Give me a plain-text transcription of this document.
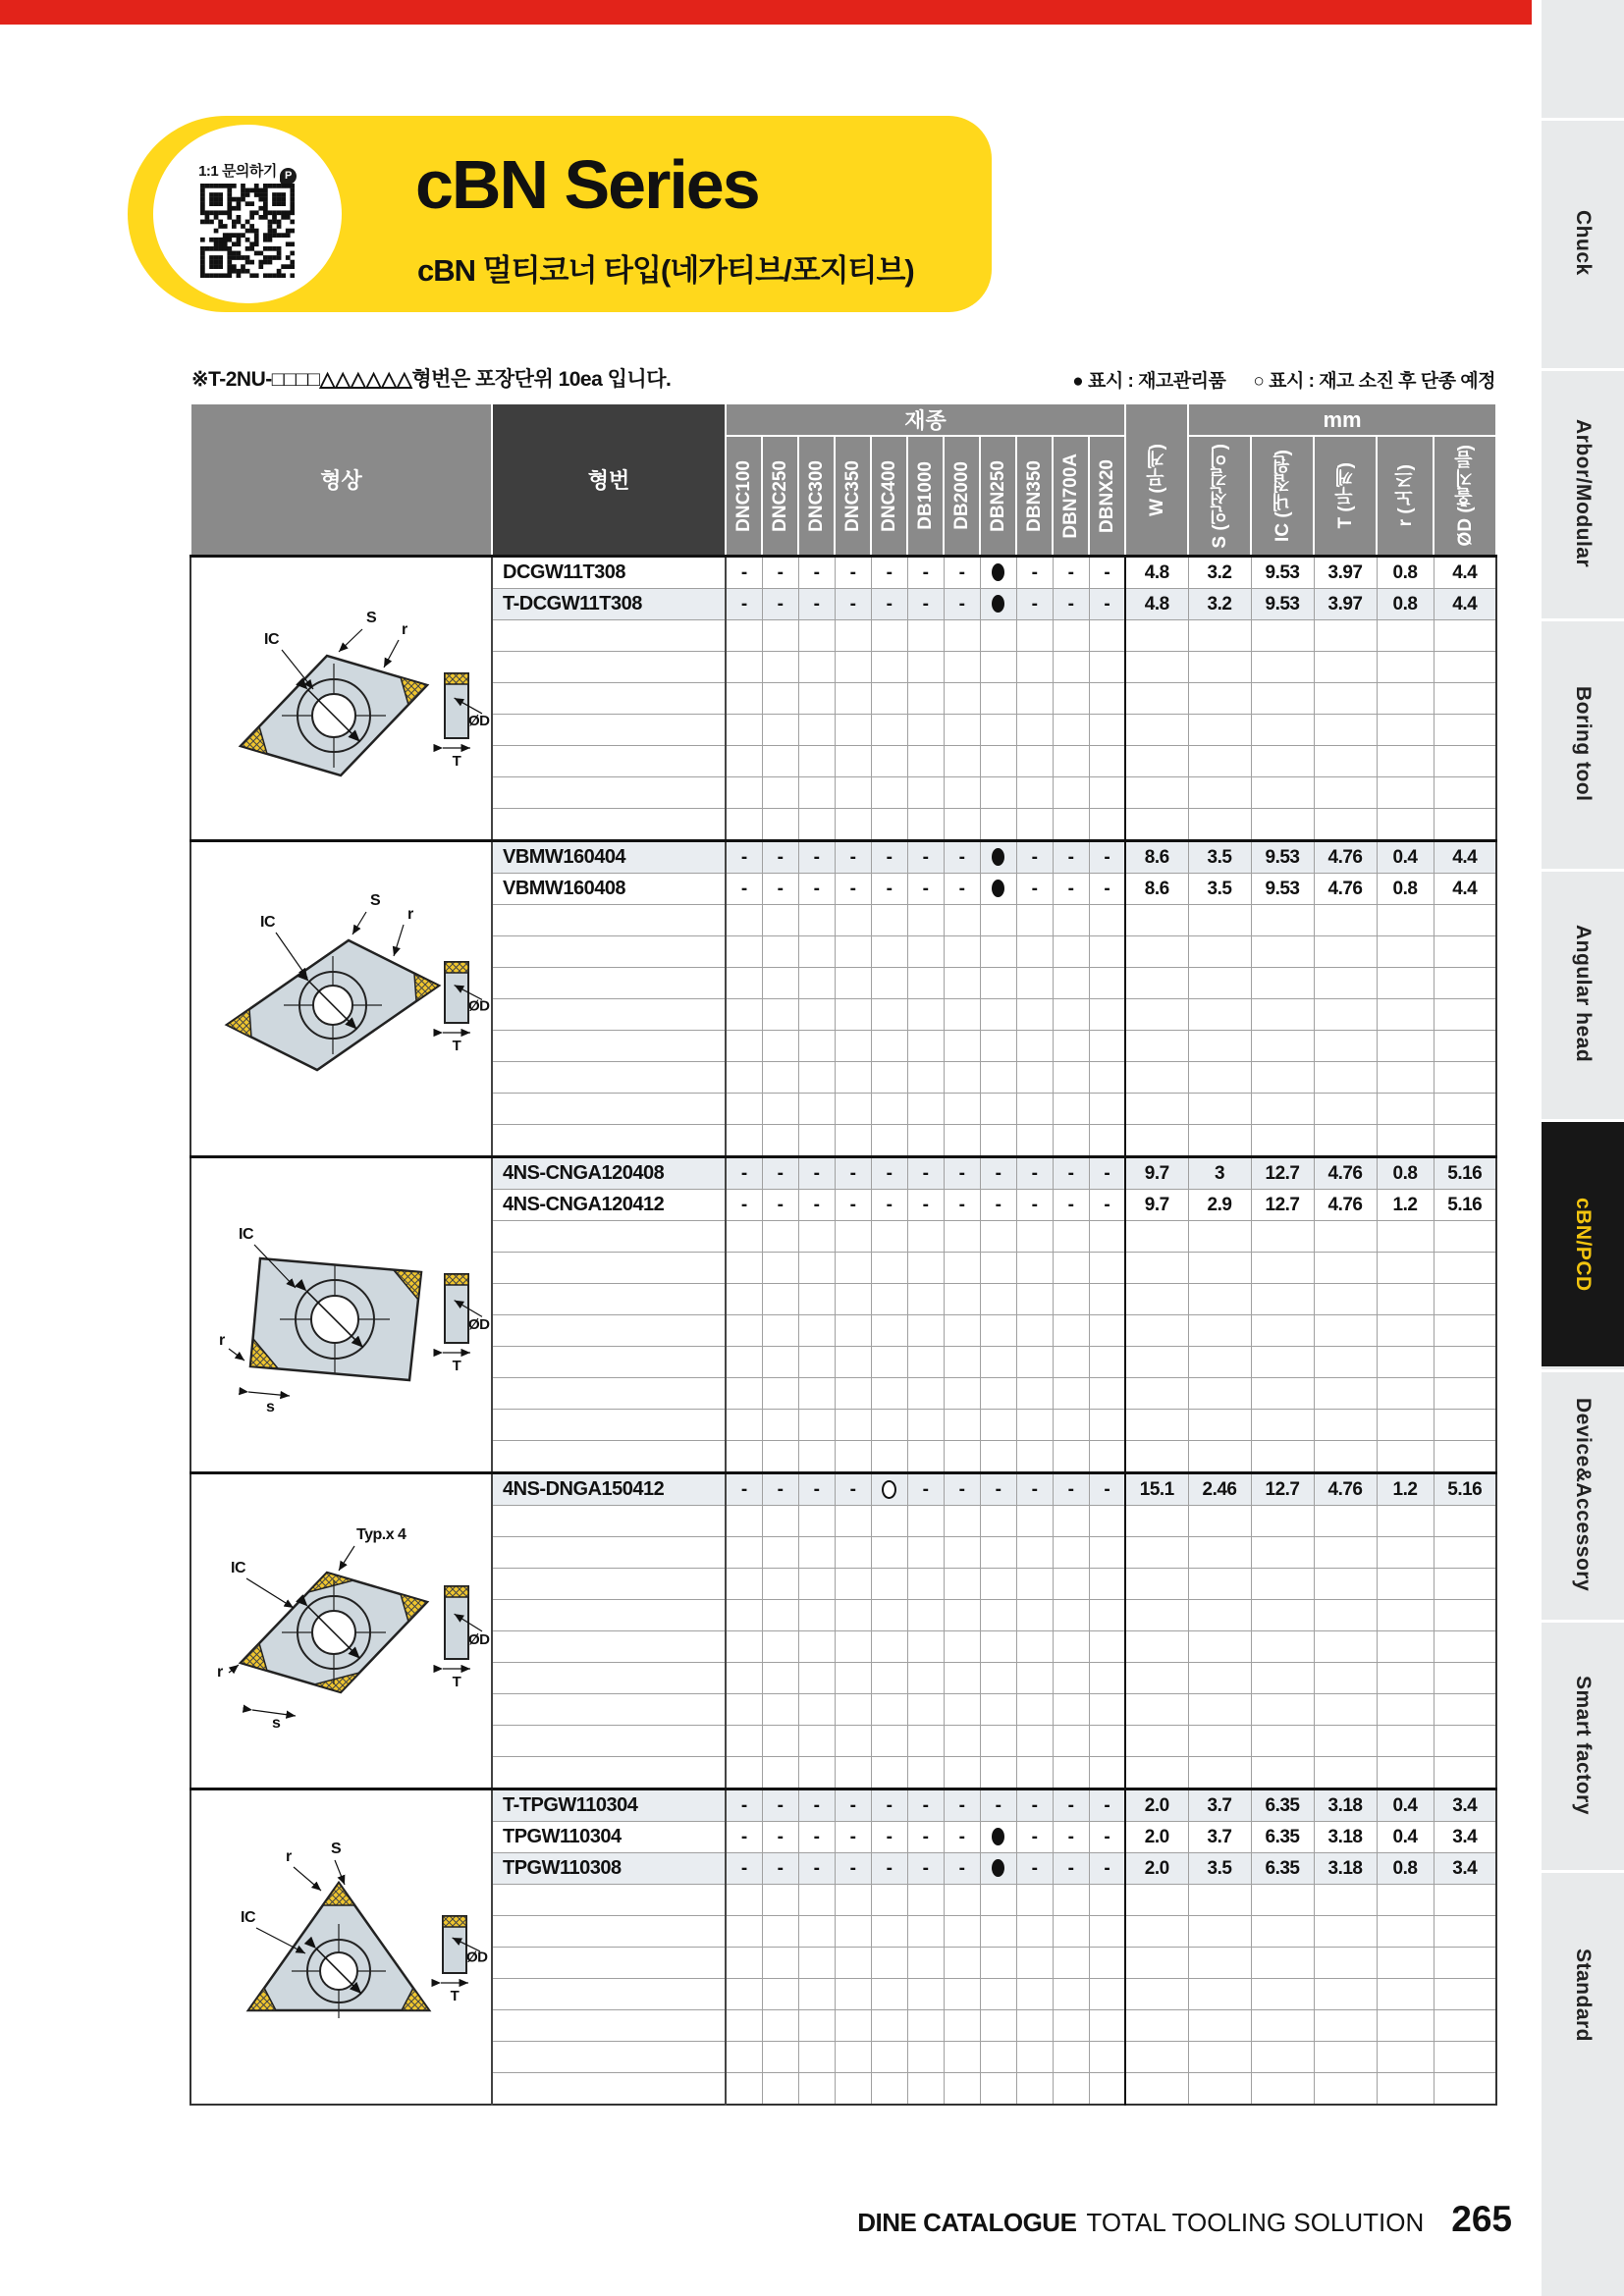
1:1 문의하기 P	cBN Series
cBN 멀티코너 타입(네가티브/포지티브)
※T-2NU-□□□□△△△△△△형번은 포장단위 10ea 입니다.	● 표시 : 재고관리품 ○ 표시 : 재고 소진 후 단종 예정
형상	형번	재종											W (무게)	mm				

		DNC100	DNC250	DNC300	DNC350	DNC400	DB1000	DB2000	DBN250	DBN350	DBN700A	DBNX20		S (인선길이)	IC (내접원)	T (두께)	r (노즈)	ØD (홀지름)

IC
S
r
ØD
T	DCGW11T308	-	-	-	-	-	-	-		-	-	-	4.8	3.2	9.53	3.97	0.8	4.4
	T-DCGW11T308	-	-	-	-	-	-	-		-	-	-	4.8	3.2	9.53	3.97	0.8	4.4

IC
S
r
ØD
T	VBMW160404	-	-	-	-	-	-	-		-	-	-	8.6	3.5	9.53	4.76	0.4	4.4
	VBMW160408	-	-	-	-	-	-	-		-	-	-	8.6	3.5	9.53	4.76	0.8	4.4

IC
r
s
ØD
T	4NS-CNGA120408	-	-	-	-	-	-	-	-	-	-	-	9.7	3	12.7	4.76	0.8	5.16
	4NS-CNGA120412	-	-	-	-	-	-	-	-	-	-	-	9.7	2.9	12.7	4.76	1.2	5.16

Typ.x 4
IC
r
s
ØD
T
	4NS-DNGA150412	-	-	-	-		-	-	-	-	-	-	15.1	2.46	12.7	4.76	1.2	5.16

r S
IC
ØD
T	T-TPGW110304	-	-	-	-	-	-	-	-	-	-	-	2.0	3.7	6.35	3.18	0.4	3.4
	TPGW110304	-	-	-	-	-	-	-		-	-	-	2.0	3.7	6.35	3.18	0.4	3.4
	TPGW110308	-	-	-	-	-	-	-		-	-	-	2.0	3.5	6.35	3.18	0.8	3.4

Chuck
Arbor/Modular
Boring tool
Angular head
cBN/PCD
Device&Accessory
Smart factory
Standard
DINE CATALOGUE TOTAL TOOLING SOLUTION 265
